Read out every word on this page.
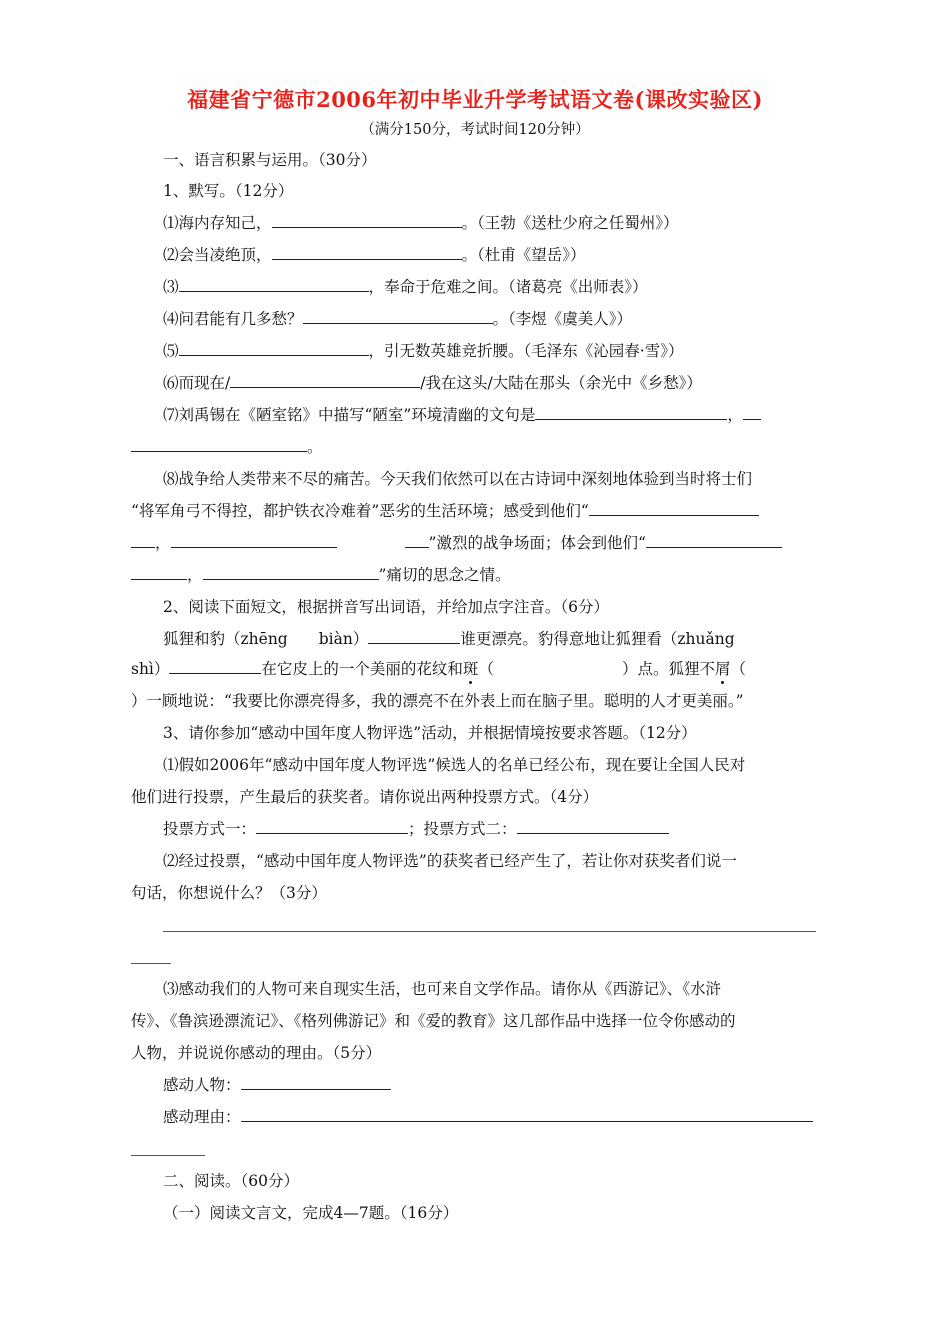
福建省宁德市2006年初中毕业升学考试语文卷(课改实验区)
（满分150分，考试时间120分钟）
一、语言积累与运用。（30分）
1、默写。（12分）
⑴海内存知己，	。（王勃《送杜少府之任蜀州》）
⑵会当凌绝顶，	。（杜甫《望岳》）
⑶	，奉命于危难之间。（诸葛亮《出师表》）
⑷问君能有几多愁？	。（李煜《虞美人》）
⑸	，引无数英雄竞折腰。（毛泽东《沁园春·雪》）
⑹而现在/	/我在这头/大陆在那头（余光中《乡愁》）
⑺刘禹锡在《陋室铭》中描写“陋室”环境清幽的文句是	，
。
⑻战争给人类带来不尽的痛苦。今天我们依然可以在古诗词中深刻地体验到当时将士们
“将军角弓不得控，都护铁衣冷难着”恶劣的生活环境；感受到他们“
，	”激烈的战争场面；体会到他们“
，	”痛切的思念之情。
2、阅读下面短文，根据拼音写出词语，并给加点字注音。（6分）
狐狸和豹（zhēng　　biàn）	谁更漂亮。豹得意地让狐狸看（zhuǎng
shì）	在它皮上的一个美丽的花纹和斑（	）点。狐狸不屑（
）一顾地说：“我要比你漂亮得多，我的漂亮不在外表上而在脑子里。聪明的人才更美丽。”
3、请你参加“感动中国年度人物评选”活动，并根据情境按要求答题。（12分）
⑴假如2006年“感动中国年度人物评选”候选人的名单已经公布，现在要让全国人民对
他们进行投票，产生最后的获奖者。请你说出两种投票方式。（4分）
投票方式一：	；投票方式二：
⑵经过投票，“感动中国年度人物评选”的获奖者已经产生了，若让你对获奖者们说一
句话，你想说什么？（3分）
⑶感动我们的人物可来自现实生活，也可来自文学作品。请你从《西游记》、《水浒
传》、《鲁滨逊漂流记》、《格列佛游记》和《爱的教育》这几部作品中选择一位令你感动的
人物，并说说你感动的理由。（5分）
感动人物：
感动理由：
二、阅读。（60分）
（一）阅读文言文，完成4—7题。（16分）
